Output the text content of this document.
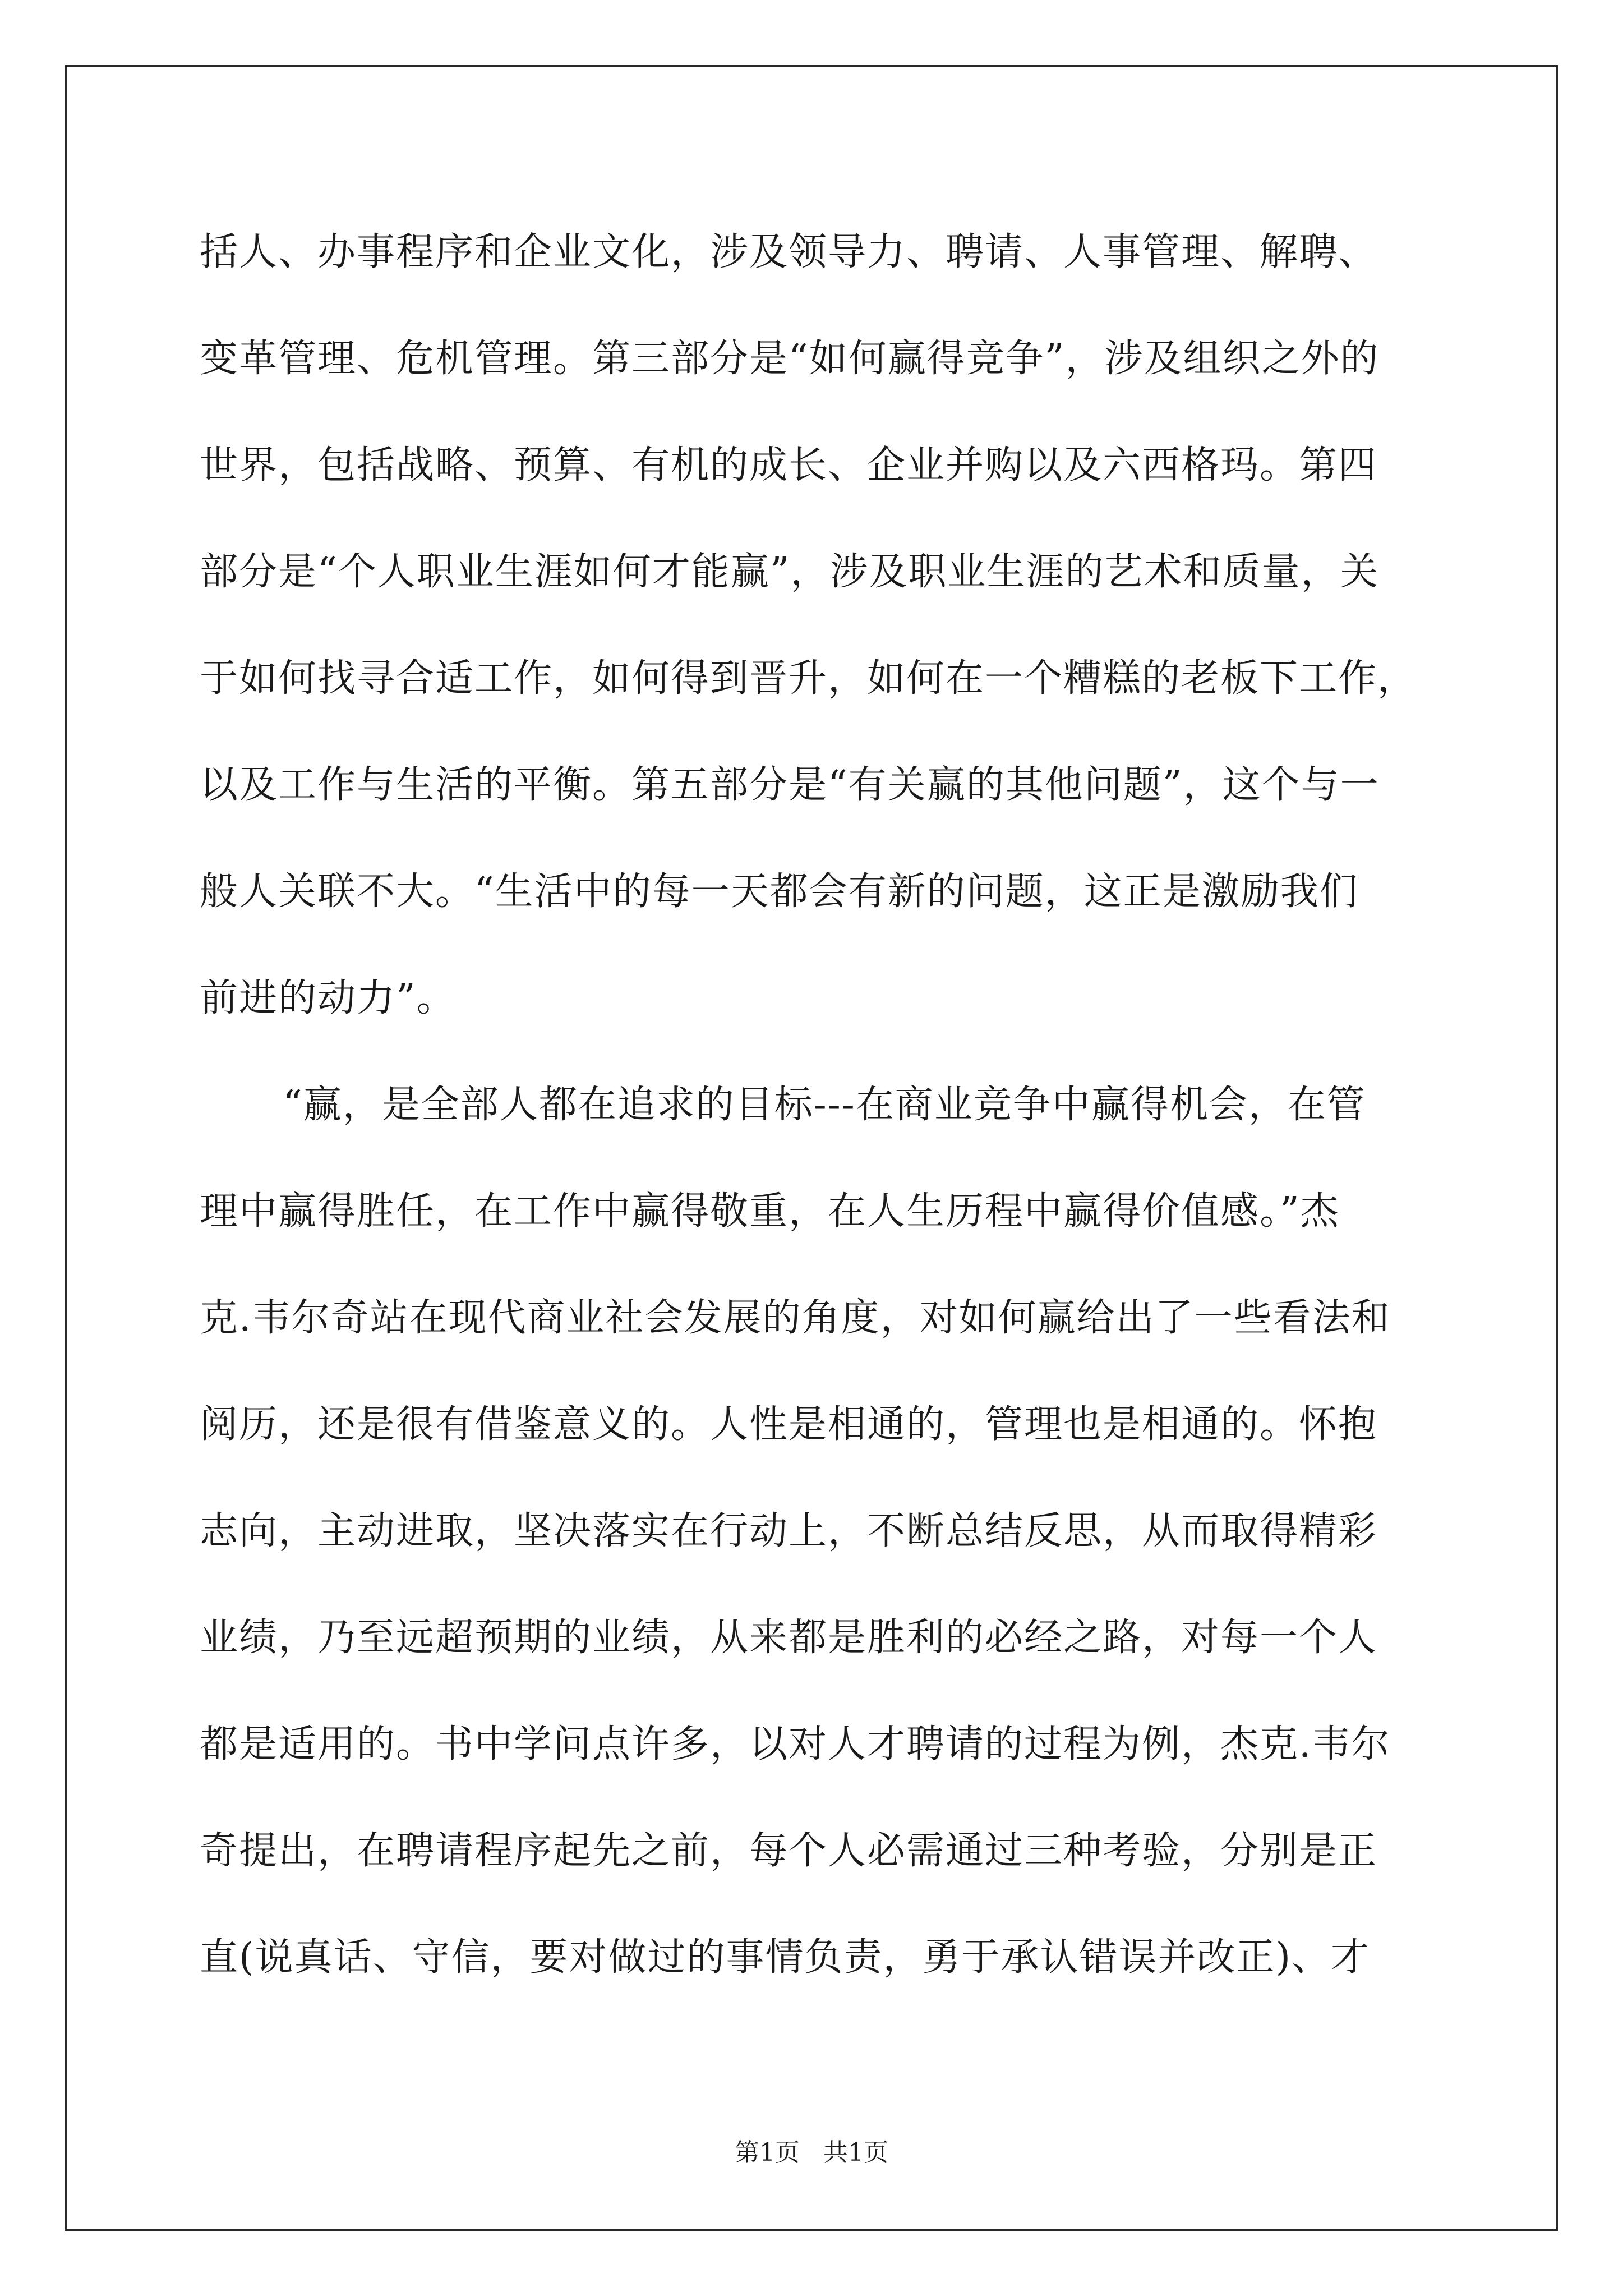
括人、办事程序和企业文化，涉及领导力、聘请、人事管理、解聘、
变革管理、危机管理。第三部分是“如何赢得竞争”，涉及组织之外的
世界，包括战略、预算、有机的成长、企业并购以及六西格玛。第四
部分是“个人职业生涯如何才能赢”，涉及职业生涯的艺术和质量，关
于如何找寻合适工作，如何得到晋升，如何在一个糟糕的老板下工作，
以及工作与生活的平衡。第五部分是“有关赢的其他问题”，这个与一
般人关联不大。“生活中的每一天都会有新的问题，这正是激励我们
前进的动力”。
“赢，是全部人都在追求的目标---在商业竞争中赢得机会，在管
理中赢得胜任，在工作中赢得敬重，在人生历程中赢得价值感。”杰
克.韦尔奇站在现代商业社会发展的角度，对如何赢给出了一些看法和
阅历，还是很有借鉴意义的。人性是相通的，管理也是相通的。怀抱
志向，主动进取，坚决落实在行动上，不断总结反思，从而取得精彩
业绩，乃至远超预期的业绩，从来都是胜利的必经之路，对每一个人
都是适用的。书中学问点许多，以对人才聘请的过程为例，杰克.韦尔
奇提出，在聘请程序起先之前，每个人必需通过三种考验，分别是正
直(说真话、守信，要对做过的事情负责，勇于承认错误并改正)、才
第1页   共1页
